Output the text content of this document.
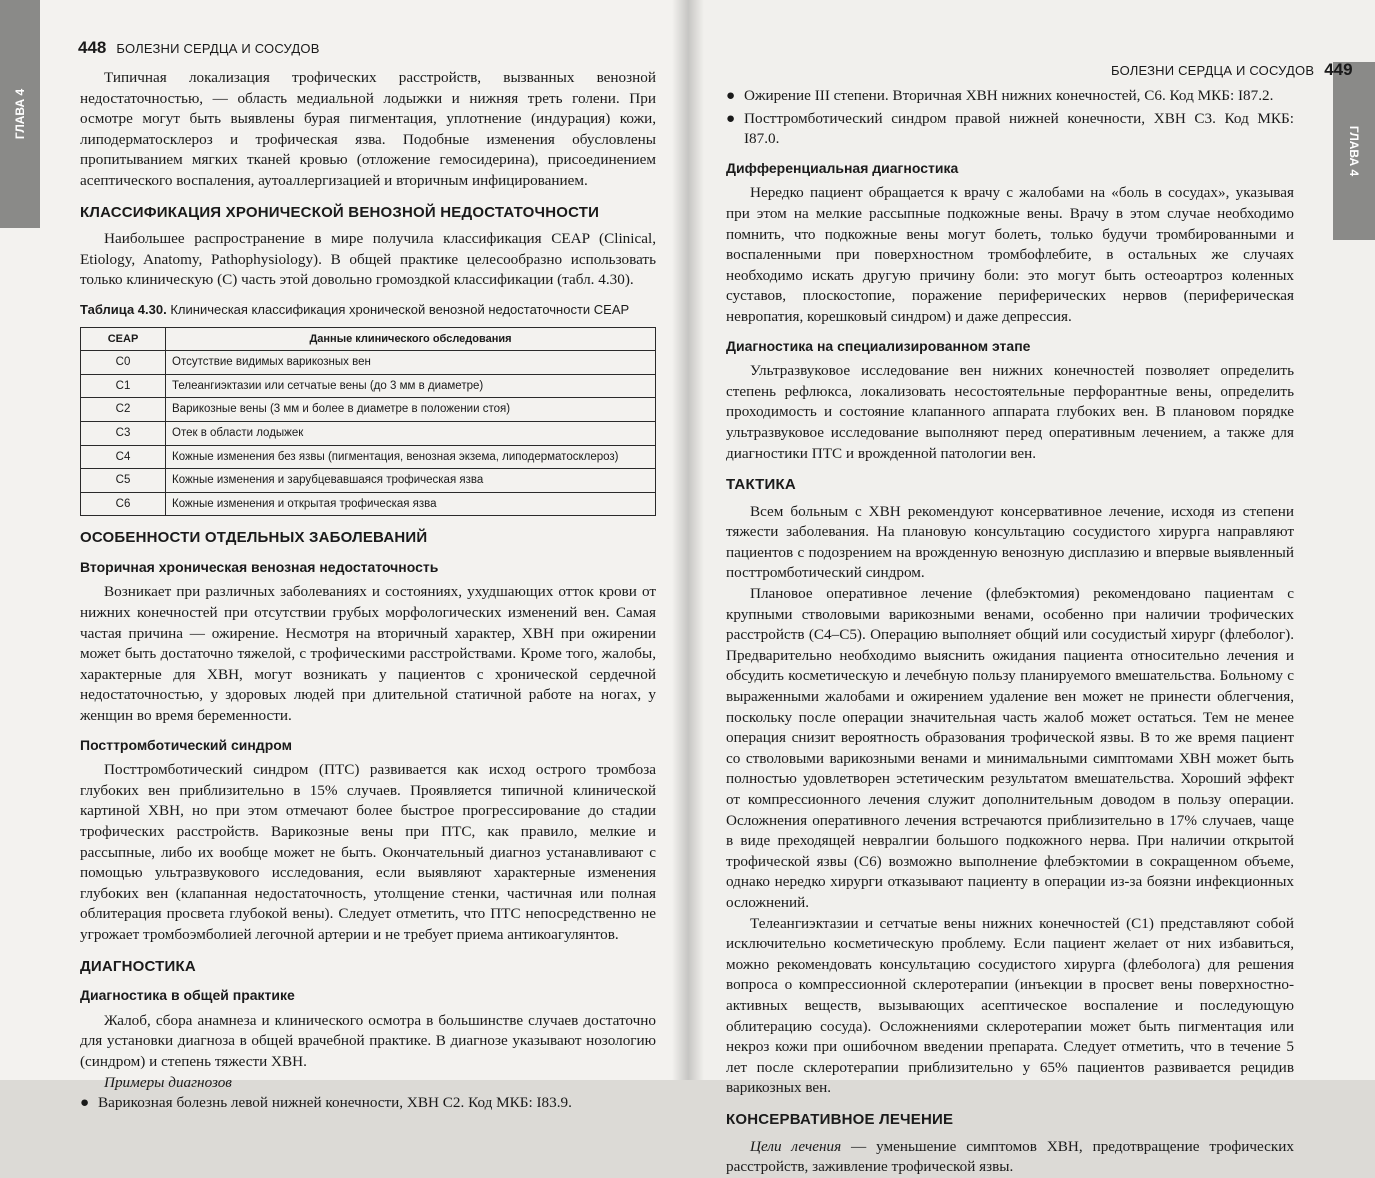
ГЛАВА 4
448 БОЛЕЗНИ СЕРДЦА И СОСУДОВ

Типичная локализация трофических расстройств, вызванных венозной недостаточностью, — область медиальной лодыжки и нижняя треть голени. При осмотре могут быть выявлены бурая пигментация, уплотнение (индурация) кожи, липодерматосклероз и трофическая язва. Подобные изменения обусловлены пропитыванием мягких тканей кровью (отложение гемосидерина), присоединением асептического воспаления, аутоаллергизацией и вторичным инфицированием.

КЛАССИФИКАЦИЯ ХРОНИЧЕСКОЙ ВЕНОЗНОЙ НЕДОСТАТОЧНОСТИ

Наибольшее распространение в мире получила классификация CEAP (Clinical, Etiology, Anatomy, Pathophysiology). В общей практике целесообразно использовать только клиническую (С) часть этой довольно громоздкой классификации (табл. 4.30).

Таблица 4.30. Клиническая классификация хронической венозной недостаточности CEAP
CEAP	Данные клинического обследования
C0	Отсутствие видимых варикозных вен
C1	Телеангиэктазии или сетчатые вены (до 3 мм в диаметре)
C2	Варикозные вены (3 мм и более в диаметре в положении стоя)
C3	Отек в области лодыжек
C4	Кожные изменения без язвы (пигментация, венозная экзема, липодерматосклероз)
C5	Кожные изменения и зарубцевавшаяся трофическая язва
C6	Кожные изменения и открытая трофическая язва
ОСОБЕННОСТИ ОТДЕЛЬНЫХ ЗАБОЛЕВАНИЙ
Вторичная хроническая венозная недостаточность

Возникает при различных заболеваниях и состояниях, ухудшающих отток крови от нижних конечностей при отсутствии грубых морфологических изменений вен. Самая частая причина — ожирение. Несмотря на вторичный характер, ХВН при ожирении может быть достаточно тяжелой, с трофическими расстройствами. Кроме того, жалобы, характерные для ХВН, могут возникать у пациентов с хронической сердечной недостаточностью, у здоровых людей при длительной статичной работе на ногах, у женщин во время беременности.

Посттромботический синдром

Посттромботический синдром (ПТС) развивается как исход острого тромбоза глубоких вен приблизительно в 15% случаев. Проявляется типичной клинической картиной ХВН, но при этом отмечают более быстрое прогрессирование до стадии трофических расстройств. Варикозные вены при ПТС, как правило, мелкие и рассыпные, либо их вообще может не быть. Окончательный диагноз устанавливают с помощью ультразвукового исследования, если выявляют характерные изменения глубоких вен (клапанная недостаточность, утолщение стенки, частичная или полная облитерация просвета глубокой вены). Следует отметить, что ПТС непосредственно не угрожает тромбоэмболией легочной артерии и не требует приема антикоагулянтов.

ДИАГНОСТИКА
Диагностика в общей практике

Жалоб, сбора анамнеза и клинического осмотра в большинстве случаев достаточно для установки диагноза в общей врачебной практике. В диагнозе указывают нозологию (синдром) и степень тяжести ХВН.

Примеры диагнозов
● Варикозная болезнь левой нижней конечности, ХВН С2. Код МКБ: I83.9.
ГЛАВА 4
БОЛЕЗНИ СЕРДЦА И СОСУДОВ 449
● Ожирение III степени. Вторичная ХВН нижних конечностей, С6. Код МКБ: I87.2.
● Посттромботический синдром правой нижней конечности, ХВН С3. Код МКБ: I87.0.
Дифференциальная диагностика

Нередко пациент обращается к врачу с жалобами на «боль в сосудах», указывая при этом на мелкие рассыпные подкожные вены. Врачу в этом случае необходимо помнить, что подкожные вены могут болеть, только будучи тромбированными и воспаленными при поверхностном тромбофлебите, в остальных же случаях необходимо искать другую причину боли: это могут быть остеоартроз коленных суставов, плоскостопие, поражение периферических нервов (периферическая невропатия, корешковый синдром) и даже депрессия.

Диагностика на специализированном этапе

Ультразвуковое исследование вен нижних конечностей позволяет определить степень рефлюкса, локализовать несостоятельные перфорантные вены, определить проходимость и состояние клапанного аппарата глубоких вен. В плановом порядке ультразвуковое исследование выполняют перед оперативным лечением, а также для диагностики ПТС и врожденной патологии вен.

ТАКТИКА

Всем больным с ХВН рекомендуют консервативное лечение, исходя из степени тяжести заболевания. На плановую консультацию сосудистого хирурга направляют пациентов с подозрением на врожденную венозную дисплазию и впервые выявленный посттромботический синдром.

Плановое оперативное лечение (флебэктомия) рекомендовано пациентам с крупными стволовыми варикозными венами, особенно при наличии трофических расстройств (С4–С5). Операцию выполняет общий или сосудистый хирург (флеболог). Предварительно необходимо выяснить ожидания пациента относительно лечения и обсудить косметическую и лечебную пользу планируемого вмешательства. Больному с выраженными жалобами и ожирением удаление вен может не принести облегчения, поскольку после операции значительная часть жалоб может остаться. Тем не менее операция снизит вероятность образования трофической язвы. В то же время пациент со стволовыми варикозными венами и минимальными симптомами ХВН может быть полностью удовлетворен эстетическим результатом вмешательства. Хороший эффект от компрессионного лечения служит дополнительным доводом в пользу операции. Осложнения оперативного лечения встречаются приблизительно в 17% случаев, чаще в виде преходящей невралгии большого подкожного нерва. При наличии открытой трофической язвы (С6) возможно выполнение флебэктомии в сокращенном объеме, однако нередко хирурги отказывают пациенту в операции из-за боязни инфекционных осложнений.

Телеангиэктазии и сетчатые вены нижних конечностей (С1) представляют собой исключительно косметическую проблему. Если пациент желает от них избавиться, можно рекомендовать консультацию сосудистого хирурга (флеболога) для решения вопроса о компрессионной склеротерапии (инъекции в просвет вены поверхностно-активных веществ, вызывающих асептическое воспаление и последующую облитерацию сосуда). Осложнениями склеротерапии может быть пигментация или некроз кожи при ошибочном введении препарата. Следует отметить, что в течение 5 лет после склеротерапии приблизительно у 65% пациентов развивается рецидив варикозных вен.

КОНСЕРВАТИВНОЕ ЛЕЧЕНИЕ

Цели лечения — уменьшение симптомов ХВН, предотвращение трофических расстройств, заживление трофической язвы.
